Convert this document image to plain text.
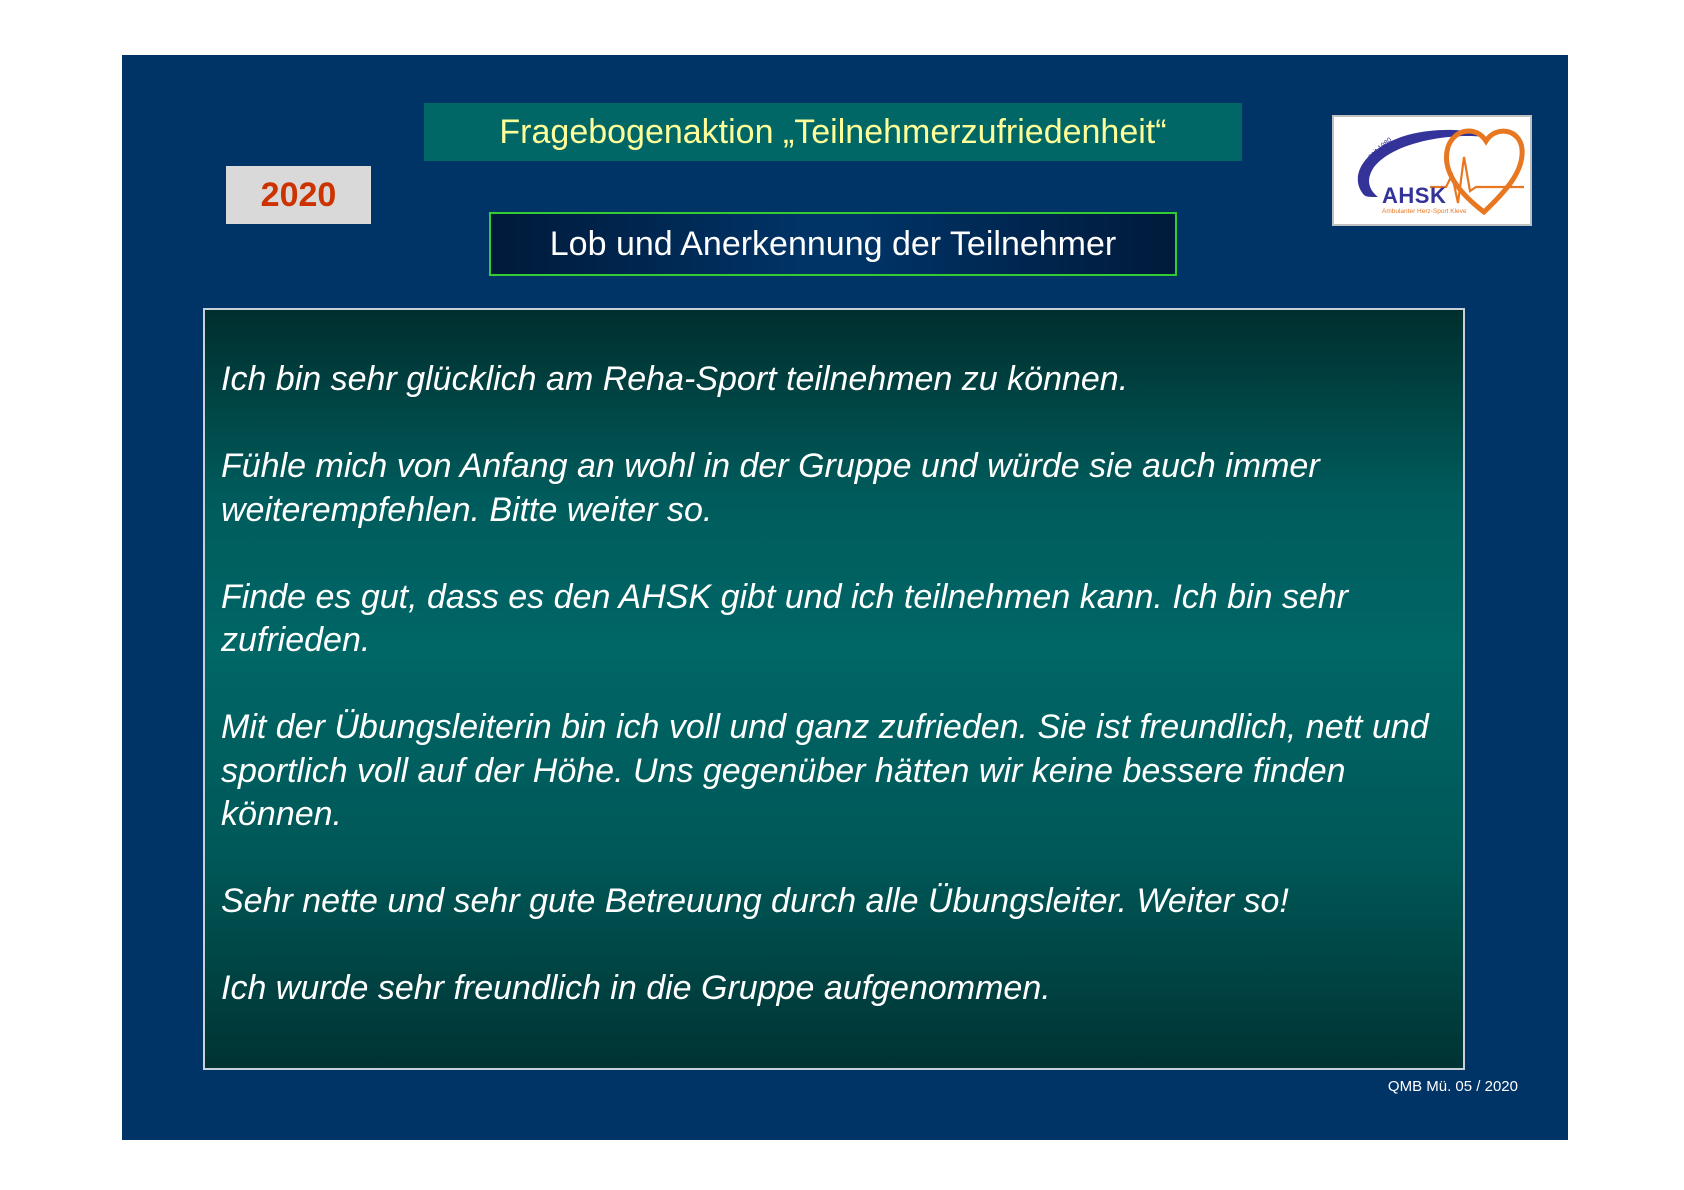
Fragebogenaktion „Teilnehmerzufriedenheit“
2020
Lob und Anerkennung der Teilnehmer
seit 1980
AHSK
Ambulanter Herz-Sport Kleve

Ich bin sehr glücklich am Reha-Sport teilnehmen zu können.

Fühle mich von Anfang an wohl in der Gruppe und würde sie auch immer weiterempfehlen. Bitte weiter so.

Finde es gut, dass es den AHSK gibt und ich teilnehmen kann. Ich bin sehr zufrieden.

Mit der Übungsleiterin bin ich voll und ganz zufrieden. Sie ist freundlich, nett und sportlich voll auf der Höhe. Uns gegenüber hätten wir keine bessere finden können.

Sehr nette und sehr gute Betreuung durch alle Übungsleiter. Weiter so!

Ich wurde sehr freundlich in die Gruppe aufgenommen.

QMB Mü. 05 / 2020
